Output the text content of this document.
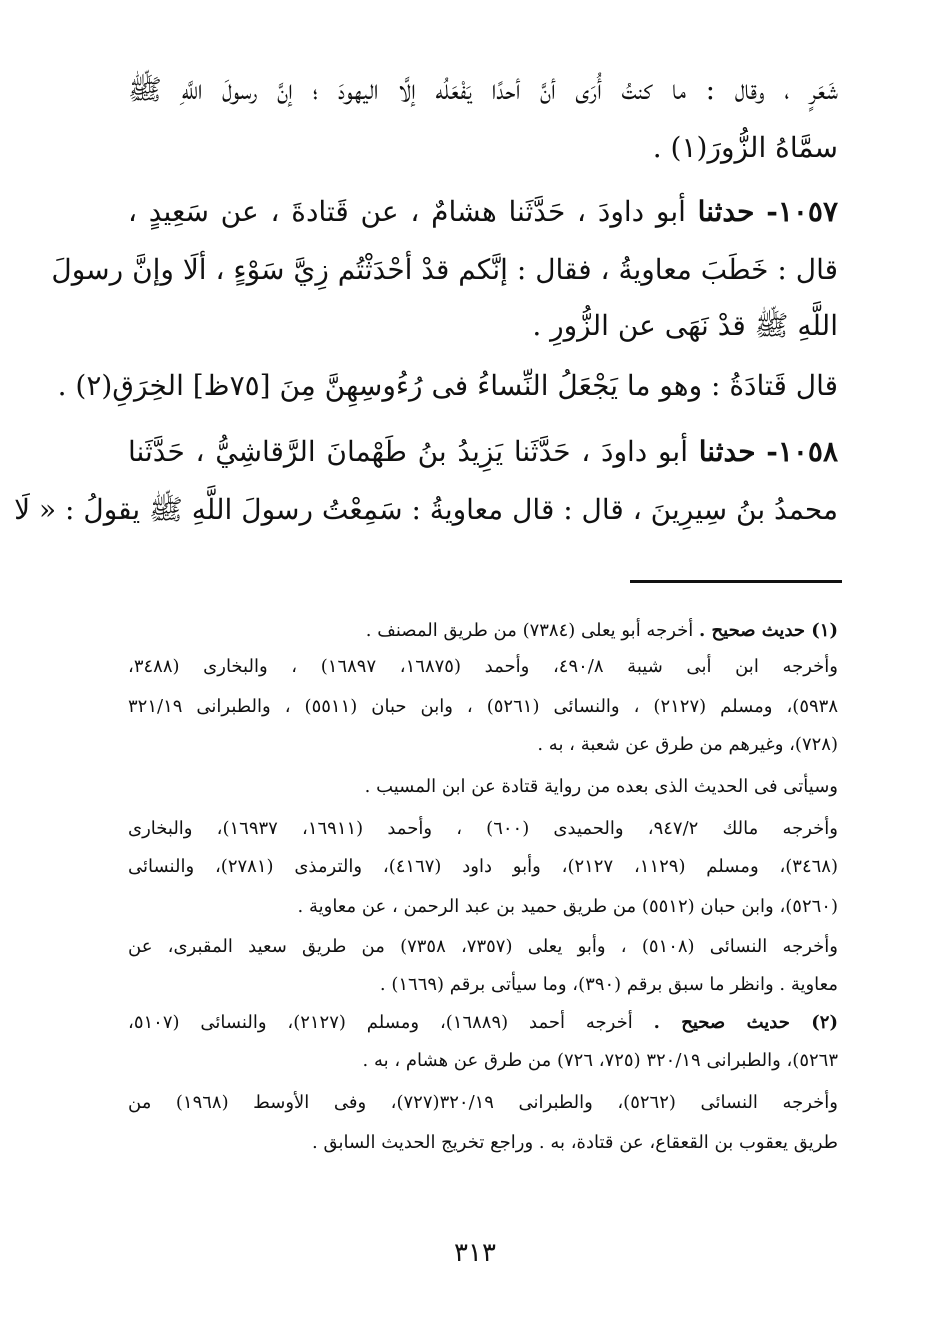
شَعَرٍ ، وقال : ما كنتُ أُرَى أنَّ أحدًا يَفْعَلُه إلَّا اليهودَ ؛ إنَّ رسولَ اللَّهِ ﷺ
سمَّاهُ الزُّورَ(١) .
١٠٥٧- حدثنا أبو داودَ ، حَدَّثَنا هشامٌ ، عن قَتادةَ ، عن سَعِيدٍ ،
قال : خَطَبَ معاويةُ ، فقال : إنَّكم قدْ أحْدَثْتُم زِيَّ سَوْءٍ ، ألَا وإنَّ رسولَ
اللَّهِ ﷺ قدْ نَهَى عن الزُّورِ .
قال قَتادَةُ : وهو ما يَجْعَلُ النِّساءُ فى رُءُوسِهِنَّ مِنَ [٧٥ظ] الخِرَقِ(٢) .
١٠٥٨- حدثنا أبو داودَ ، حَدَّثَنا يَزِيدُ بنُ طَهْمانَ الرَّقاشِيُّ ، حَدَّثَنا
محمدُ بنُ سِيرِينَ ، قال : قال معاويةُ : سَمِعْتُ رسولَ اللَّهِ ﷺ يقولُ : « لَا
(١) حديث صحيح . أخرجه أبو يعلى (٧٣٨٤) من طريق المصنف .
وأخرجه ابن أبى شيبة ٤٩٠/٨، وأحمد (١٦٨٧٥، ١٦٨٩٧) ، والبخارى (٣٤٨٨،
٥٩٣٨)، ومسلم (٢١٢٧) ، والنسائى (٥٢٦١) ، وابن حبان (٥٥١١) ، والطبرانى ٣٢١/١٩
(٧٢٨)، وغيرهم من طرق عن شعبة ، به .
وسيأتى فى الحديث الذى بعده من رواية قتادة عن ابن المسيب .
وأخرجه مالك ٩٤٧/٢، والحميدى (٦٠٠) ، وأحمد (١٦٩١١، ١٦٩٣٧)، والبخارى
(٣٤٦٨)، ومسلم (١١٢٩، ٢١٢٧)، وأبو داود (٤١٦٧)، والترمذى (٢٧٨١)، والنسائى
(٥٢٦٠)، وابن حبان (٥٥١٢) من طريق حميد بن عبد الرحمن ، عن معاوية .
وأخرجه النسائى (٥١٠٨) ، وأبو يعلى (٧٣٥٧، ٧٣٥٨) من طريق سعيد المقبرى، عن
معاوية . وانظر ما سبق برقم (٣٩٠)، وما سيأتى برقم (١٦٦٩) .
(٢) حديث صحيح . أخرجه أحمد (١٦٨٨٩)، ومسلم (٢١٢٧)، والنسائى (٥١٠٧،
٥٢٦٣)، والطبرانى ٣٢٠/١٩ (٧٢٥، ٧٢٦) من طرق عن هشام ، به .
وأخرجه النسائى (٥٢٦٢)، والطبرانى ٣٢٠/١٩(٧٢٧)، وفى الأوسط (١٩٦٨) من
طريق يعقوب بن القعقاع، عن قتادة، به . وراجع تخريج الحديث السابق .
٣١٣
